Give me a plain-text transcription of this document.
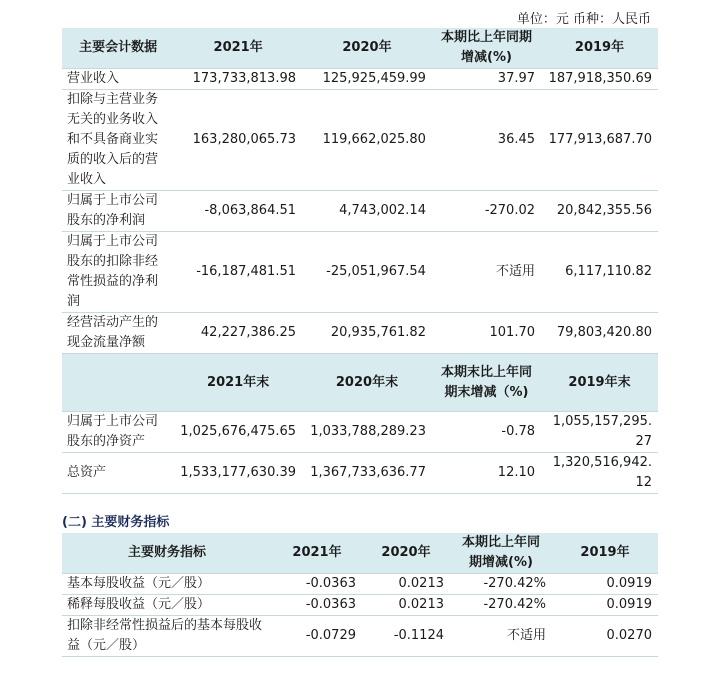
单位：元 币种：人民币
主要会计数据	2021年	2020年	本期比上年同期增减(%)	2019年
营业收入	173,733,813.98	125,925,459.99	37.97	187,918,350.69
扣除与主营业务无关的业务收入和不具备商业实质的收入后的营业收入	163,280,065.73	119,662,025.80	36.45	177,913,687.70
归属于上市公司股东的净利润	-8,063,864.51	4,743,002.14	-270.02	20,842,355.56
归属于上市公司股东的扣除非经常性损益的净利润	-16,187,481.51	-25,051,967.54	不适用	6,117,110.82
经营活动产生的现金流量净额	42,227,386.25	20,935,761.82	101.70	79,803,420.80
	2021年末	2020年末	本期末比上年同期末增减（%)	2019年末
归属于上市公司股东的净资产	1,025,676,475.65	1,033,788,289.23	-0.78	1,055,157,295.27
总资产	1,533,177,630.39	1,367,733,636.77	12.10	1,320,516,942.12
(二) 主要财务指标
主要财务指标	2021年	2020年	本期比上年同期增减(%)	2019年
基本每股收益（元／股）	-0.0363	0.0213	-270.42%	0.0919
稀释每股收益（元／股）	-0.0363	0.0213	-270.42%	0.0919
扣除非经常性损益后的基本每股收益（元／股）	-0.0729	-0.1124	不适用	0.0270
